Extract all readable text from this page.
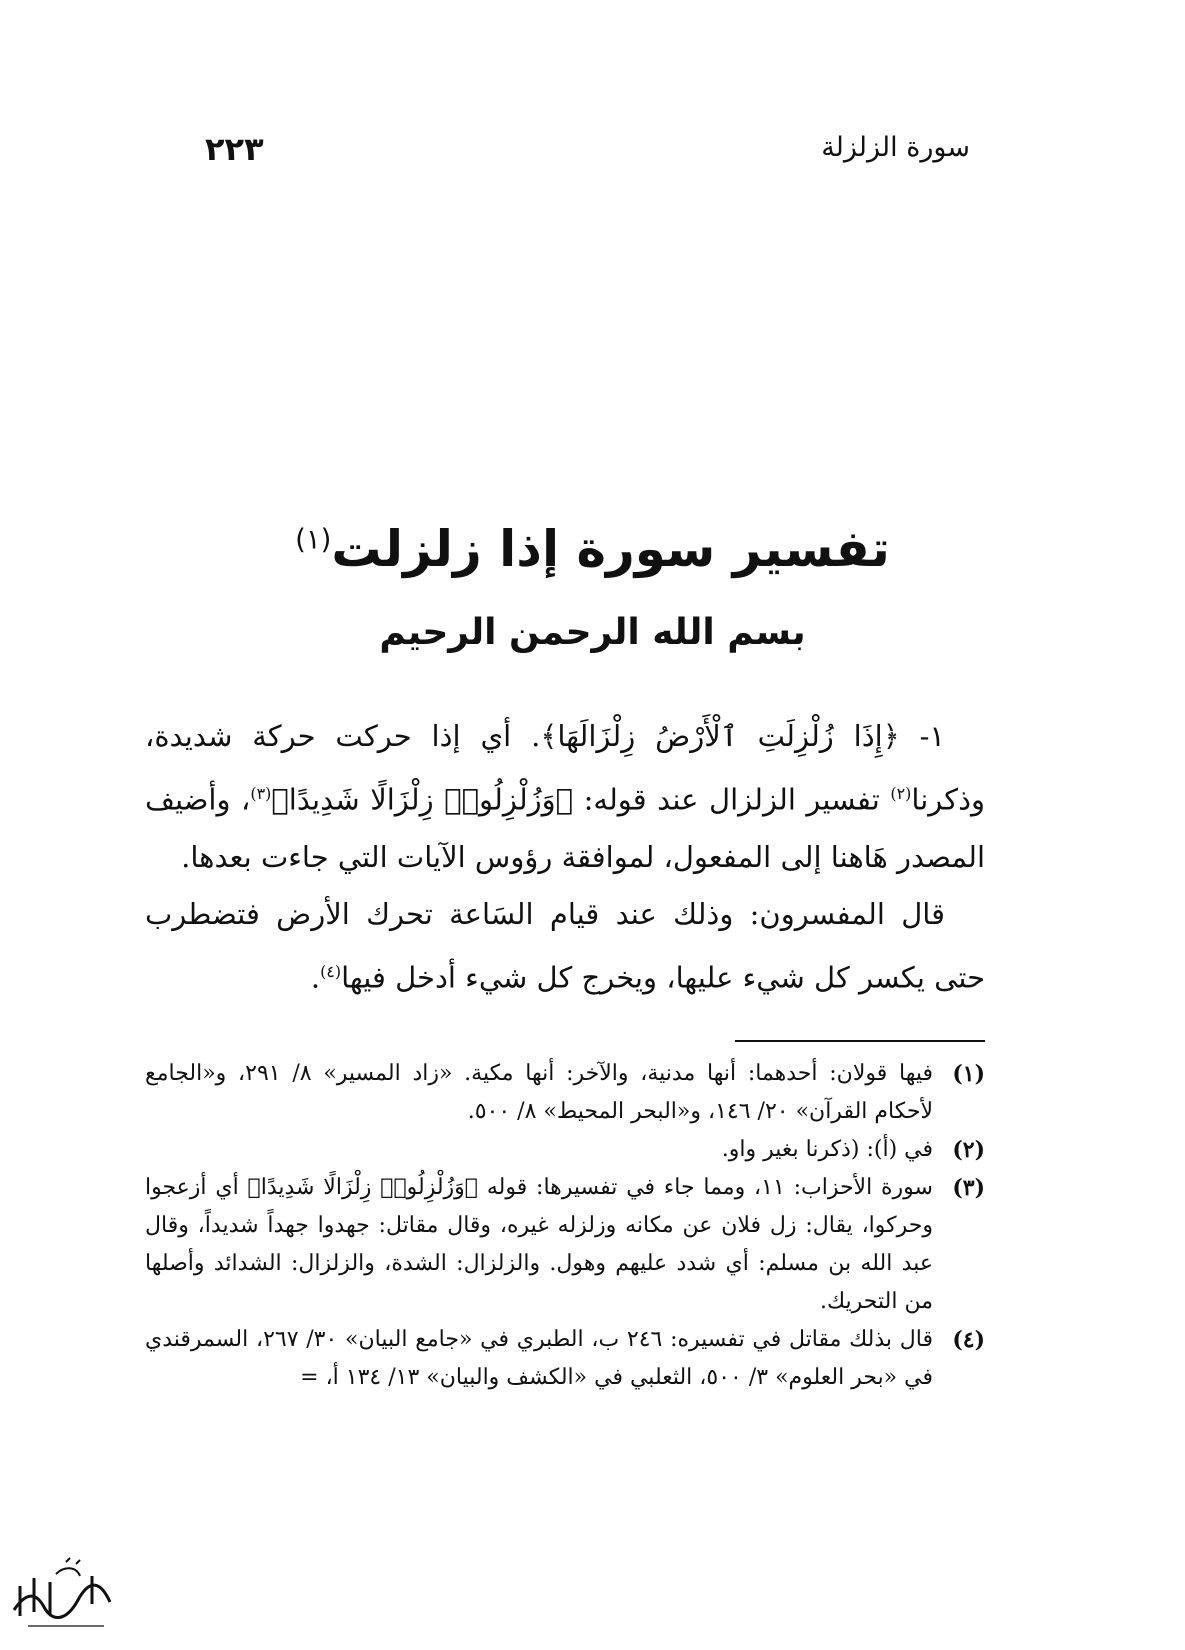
سورة الزلزلة
٢٢٣
تفسير سورة إذا زلزلت$^{(١)}$
بسم الله الرحمن الرحيم

١- ﴿إِذَا زُلْزِلَتِ ٱلْأَرْضُ زِلْزَالَهَا﴾. أي إذا حركت حركة شديدة، وذكرنا$^{(٢)}$ تفسير الزلزال عند قوله: ﴿وَزُلْزِلُوا۟ زِلْزَالًا شَدِيدًا﴾$^{(٣)}$، وأضيف المصدر هَاهنا إلى المفعول، لموافقة رؤوس الآيات التي جاءت بعدها.

قال المفسرون: وذلك عند قيام السَاعة تحرك الأرض فتضطرب حتى يكسر كل شيء عليها، ويخرج كل شيء أدخل فيها$^{(٤)}$.

(١)
فيها قولان: أحدهما: أنها مدنية، والآخر: أنها مكية. «زاد المسير» ٨/ ٢٩١، و«الجامع لأحكام القرآن» ٢٠/ ١٤٦، و«البحر المحيط» ٨/ ٥٠٠.
(٢)
في (أ): (ذكرنا بغير واو.
(٣)
سورة الأحزاب: ١١، ومما جاء في تفسيرها: قوله ﴿وَزُلْزِلُوا۟ زِلْزَالًا شَدِيدًا﴾ أي أزعجوا وحركوا، يقال: زل فلان عن مكانه وزلزله غيره، وقال مقاتل: جهدوا جهداً شديداً، وقال عبد الله بن مسلم: أي شدد عليهم وهول. والزلزال: الشدة، والزلزال: الشدائد وأصلها من التحريك.
(٤)
قال بذلك مقاتل في تفسيره: ٢٤٦ ب، الطبري في «جامع البيان» ٣٠/ ٢٦٧، السمرقندي في «بحر العلوم» ٣/ ٥٠٠، الثعلبي في «الكشف والبيان» ١٣/ ١٣٤ أ، =
